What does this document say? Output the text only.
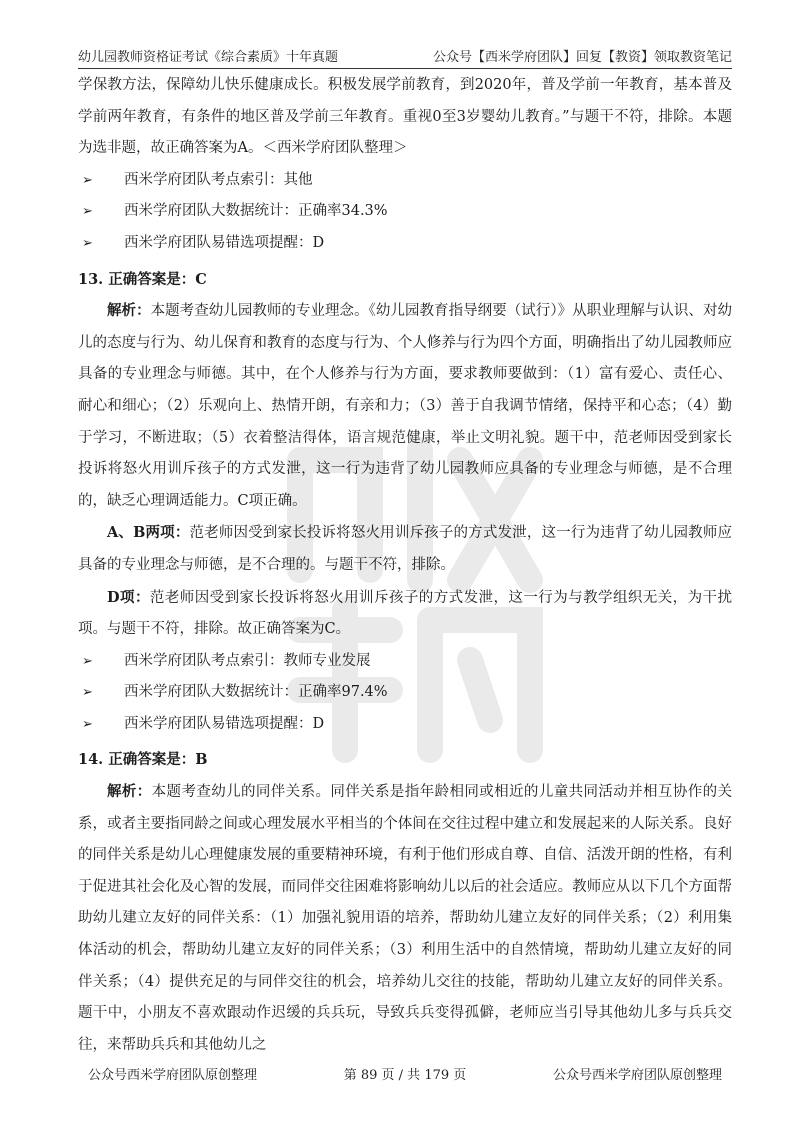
幼儿园教师资格证考试《综合素质》十年真题	公众号【西米学府团队】回复【教资】领取教资笔记

学保教方法，保障幼儿快乐健康成长。积极发展学前教育，到2020年，普及学前一年教育，基本普及学前两年教育，有条件的地区普及学前三年教育。重视0至3岁婴幼儿教育。”与题干不符，排除。本题为选非题，故正确答案为A。＜西米学府团队整理＞

➢ 西米学府团队考点索引：其他

➢ 西米学府团队大数据统计：正确率34.3%

➢ 西米学府团队易错选项提醒：D

13. 正确答案是：C

解析：本题考查幼儿园教师的专业理念。《幼儿园教育指导纲要（试行）》从职业理解与认识、对幼儿的态度与行为、幼儿保育和教育的态度与行为、个人修养与行为四个方面，明确指出了幼儿园教师应具备的专业理念与师德。其中，在个人修养与行为方面，要求教师要做到：（1）富有爱心、责任心、耐心和细心；（2）乐观向上、热情开朗，有亲和力；（3）善于自我调节情绪，保持平和心态；（4）勤于学习，不断进取；（5）衣着整洁得体，语言规范健康，举止文明礼貌。题干中，范老师因受到家长投诉将怒火用训斥孩子的方式发泄，这一行为违背了幼儿园教师应具备的专业理念与师德，是不合理的，缺乏心理调适能力。C项正确。

A、B两项：范老师因受到家长投诉将怒火用训斥孩子的方式发泄，这一行为违背了幼儿园教师应具备的专业理念与师德，是不合理的。与题干不符，排除。

D项：范老师因受到家长投诉将怒火用训斥孩子的方式发泄，这一行为与教学组织无关，为干扰项。与题干不符，排除。故正确答案为C。

➢ 西米学府团队考点索引：教师专业发展

➢ 西米学府团队大数据统计：正确率97.4%

➢ 西米学府团队易错选项提醒：D

14. 正确答案是：B

解析：本题考查幼儿的同伴关系。同伴关系是指年龄相同或相近的儿童共同活动并相互协作的关系，或者主要指同龄之间或心理发展水平相当的个体间在交往过程中建立和发展起来的人际关系。良好的同伴关系是幼儿心理健康发展的重要精神环境，有利于他们形成自尊、自信、活泼开朗的性格，有利于促进其社会化及心智的发展，而同伴交往困难将影响幼儿以后的社会适应。教师应从以下几个方面帮助幼儿建立友好的同伴关系：（1）加强礼貌用语的培养，帮助幼儿建立友好的同伴关系；（2）利用集体活动的机会，帮助幼儿建立友好的同伴关系；（3）利用生活中的自然情境，帮助幼儿建立友好的同伴关系；（4）提供充足的与同伴交往的机会，培养幼儿交往的技能，帮助幼儿建立友好的同伴关系。题干中，小朋友不喜欢跟动作迟缓的兵兵玩，导致兵兵变得孤僻，老师应当引导其他幼儿多与兵兵交往，来帮助兵兵和其他幼儿之

公众号西米学府团队原创整理	第 89 页 / 共 179 页	公众号西米学府团队原创整理
